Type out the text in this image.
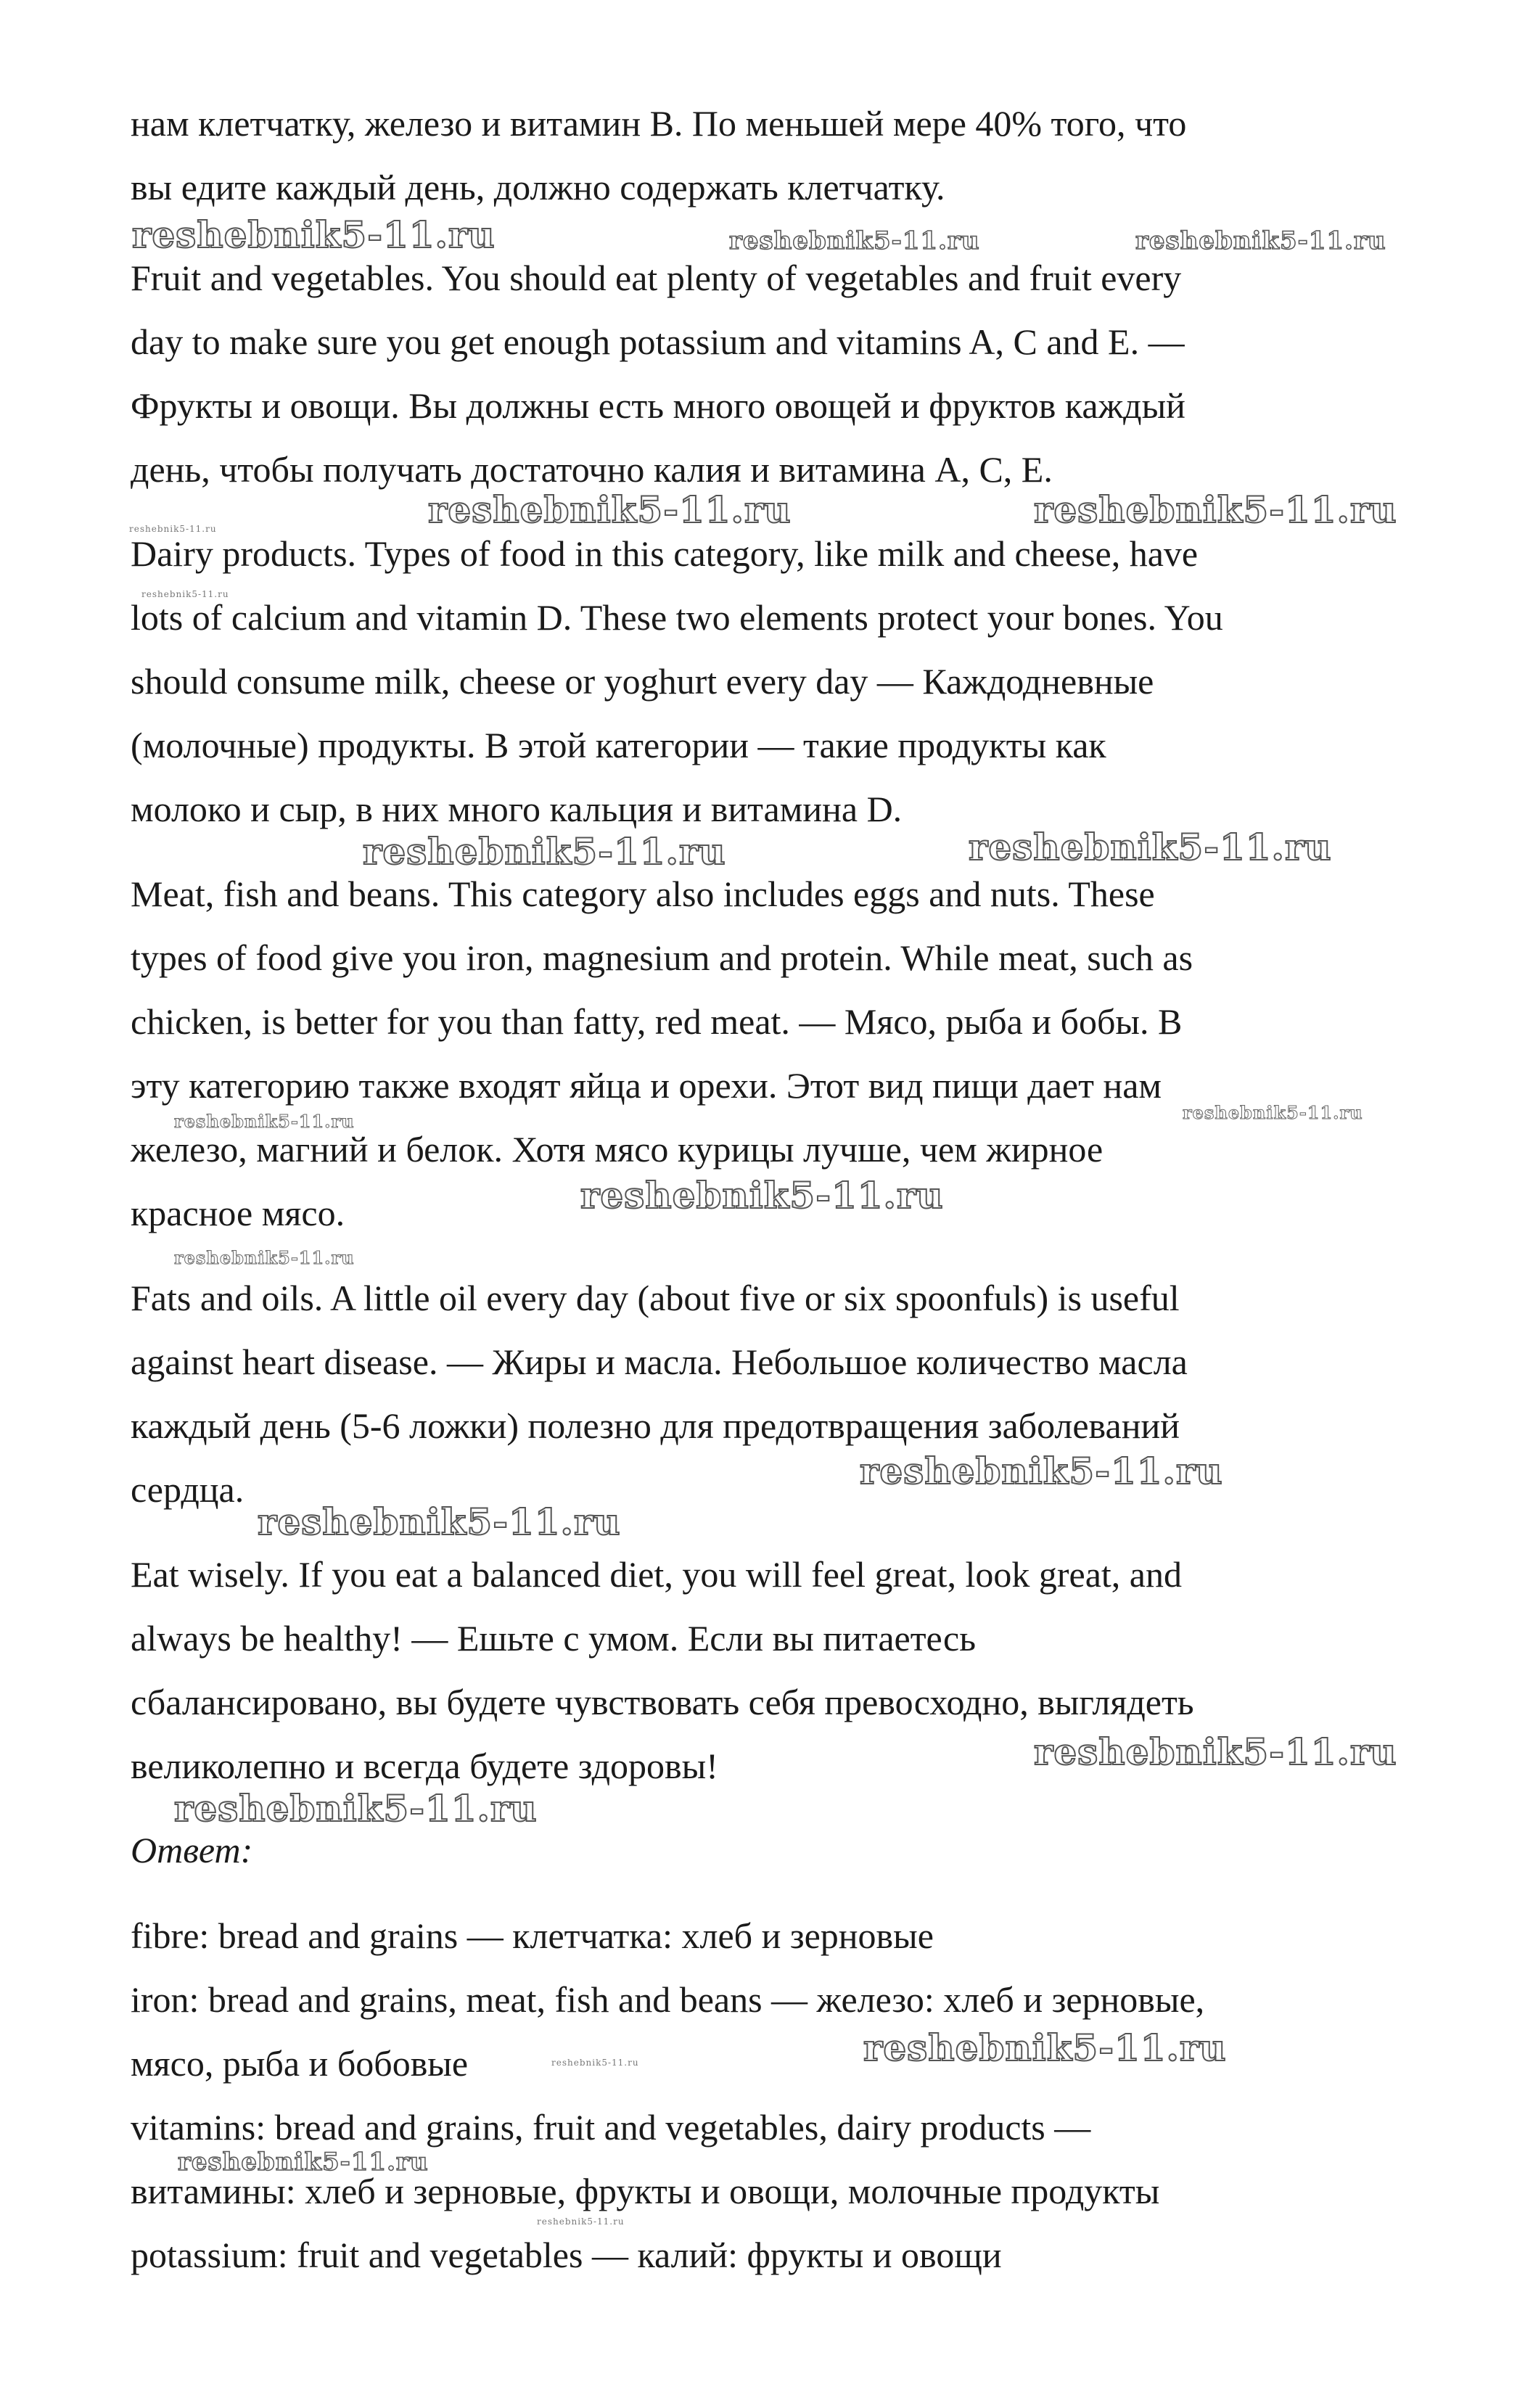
нам клетчатку, железо и витамин В. По меньшей мере 40% того, что

вы едите каждый день, должно содержать клетчатку.

Fruit and vegetables. You should eat plenty of vegetables and fruit every

day to make sure you get enough potassium and vitamins A, C and E. —

Фрукты и овощи. Вы должны есть много овощей и фруктов каждый

день, чтобы получать достаточно калия и витамина А, С, Е.

Dairy products. Types of food in this category, like milk and cheese, have

lots of calcium and vitamin D. These two elements protect your bones. You

should consume milk, cheese or yoghurt every day — Каждодневные

(молочные) продукты. В этой категории — такие продукты как

молоко и сыр, в них много кальция и витамина D.

Meat, fish and beans. This category also includes eggs and nuts. These

types of food give you iron, magnesium and protein. While meat, such as

chicken, is better for you than fatty, red meat. — Мясо, рыба и бобы. В

эту категорию также входят яйца и орехи. Этот вид пищи дает нам

железо, магний и белок. Хотя мясо курицы лучше, чем жирное

красное мясо.

Fats and oils. A little oil every day (about five or six spoonfuls) is useful

against heart disease. — Жиры и масла. Небольшое количество масла

каждый день (5-6 ложки) полезно для предотвращения заболеваний

сердца.

Eat wisely. If you eat a balanced diet, you will feel great, look great, and

always be healthy! — Ешьте с умом. Если вы питаетесь

сбалансировано, вы будете чувствовать себя превосходно, выглядеть

великолепно и всегда будете здоровы!

Ответ:

fibre: bread and grains — клетчатка: хлеб и зерновые

iron: bread and grains, meat, fish and beans — железо: хлеб и зерновые,

мясо, рыба и бобовые

vitamins: bread and grains, fruit and vegetables, dairy products —

витамины: хлеб и зерновые, фрукты и овощи, молочные продукты

potassium: fruit and vegetables — калий: фрукты и овощи

reshebnik5-11.ru	reshebnik5-11.ru	reshebnik5-11.ru
reshebnik5-11.ru	reshebnik5-11.ru	reshebnik5-11.ru
reshebnik5-11.ru
reshebnik5-11.ru	reshebnik5-11.ru
reshebnik5-11.ru	reshebnik5-11.ru
reshebnik5-11.ru
reshebnik5-11.ru
reshebnik5-11.ru
reshebnik5-11.ru
reshebnik5-11.ru
reshebnik5-11.ru
reshebnik5-11.ru	reshebnik5-11.ru
reshebnik5-11.ru
reshebnik5-11.ru
